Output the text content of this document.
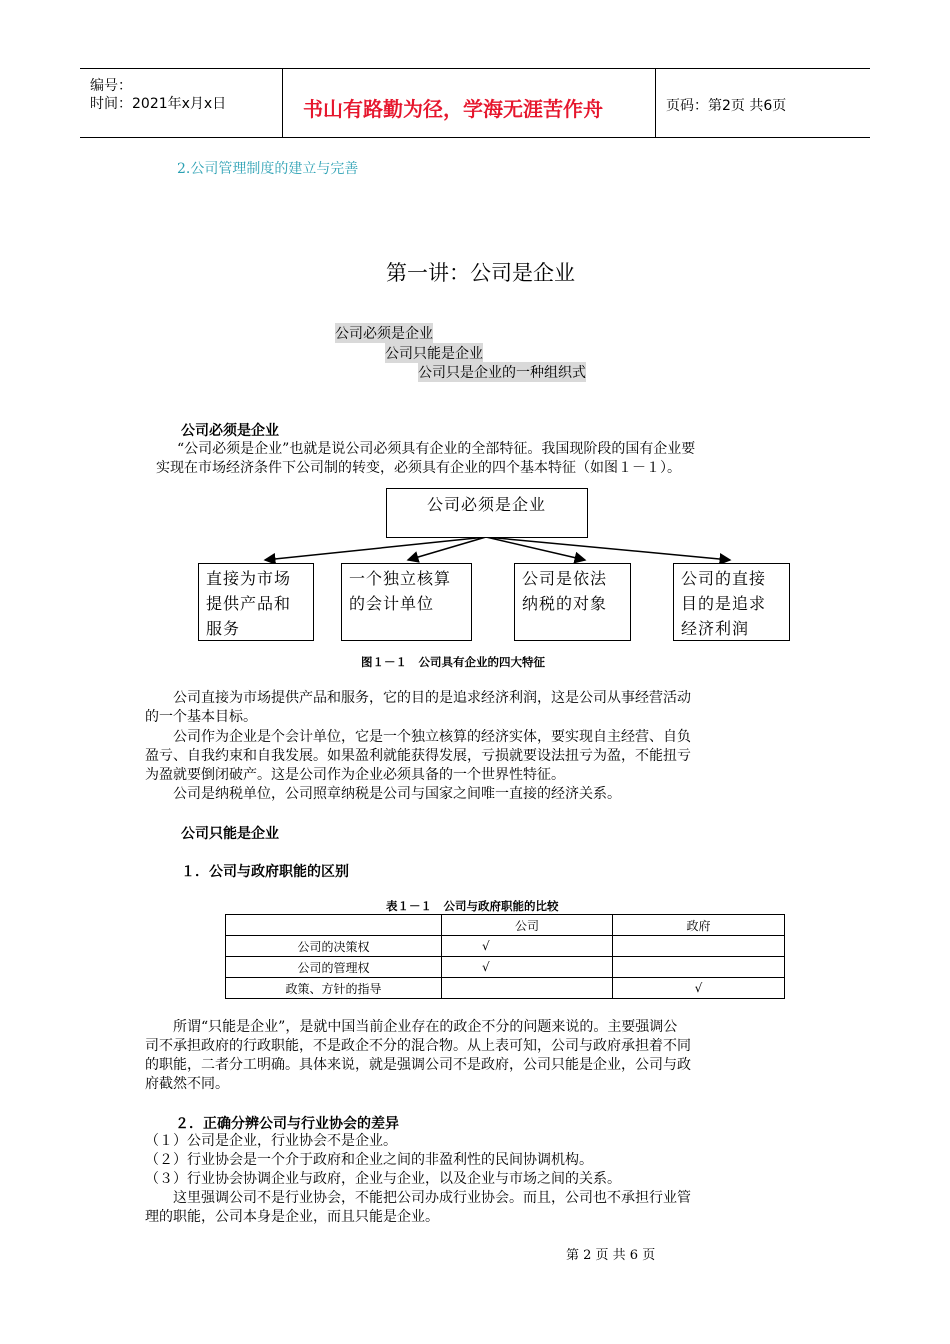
编号：
时间：2021年x月x日	书山有路勤为径，学海无涯苦作舟	页码：第2页 共6页
2.公司管理制度的建立与完善
第一讲：公司是企业
公司必须是企业
公司只能是企业
公司只是企业的一种组织式
公司必须是企业
“公司必须是企业”也就是说公司必须具有企业的全部特征。我国现阶段的国有企业要
实现在市场经济条件下公司制的转变，必须具有企业的四个基本特征（如图１－１）。
公司必须是企业
直接为市场
提供产品和
服务
一个独立核算
的会计单位
公司是依法
纳税的对象
公司的直接
目的是追求
经济利润
图１－１　公司具有企业的四大特征
　　公司直接为市场提供产品和服务，它的目的是追求经济利润，这是公司从事经营活动
的一个基本目标。
　　公司作为企业是个会计单位，它是一个独立核算的经济实体，要实现自主经营、自负
盈亏、自我约束和自我发展。如果盈利就能获得发展，亏损就要设法扭亏为盈，不能扭亏
为盈就要倒闭破产。这是公司作为企业必须具备的一个世界性特征。
　　公司是纳税单位，公司照章纳税是公司与国家之间唯一直接的经济关系。
公司只能是企业
１．公司与政府职能的区别
表１－１　公司与政府职能的比较
	公司	政府
公司的决策权	√	
公司的管理权	√	
政策、方针的指导		√
　　所谓“只能是企业”，是就中国当前企业存在的政企不分的问题来说的。主要强调公
司不承担政府的行政职能，不是政企不分的混合物。从上表可知，公司与政府承担着不同
的职能，二者分工明确。具体来说，就是强调公司不是政府，公司只能是企业，公司与政
府截然不同。
２．正确分辨公司与行业协会的差异
（１）公司是企业，行业协会不是企业。
（２）行业协会是一个介于政府和企业之间的非盈利性的民间协调机构。
（３）行业协会协调企业与政府，企业与企业，以及企业与市场之间的关系。
　　这里强调公司不是行业协会，不能把公司办成行业协会。而且，公司也不承担行业管
理的职能，公司本身是企业，而且只能是企业。
第 2 页 共 6 页
